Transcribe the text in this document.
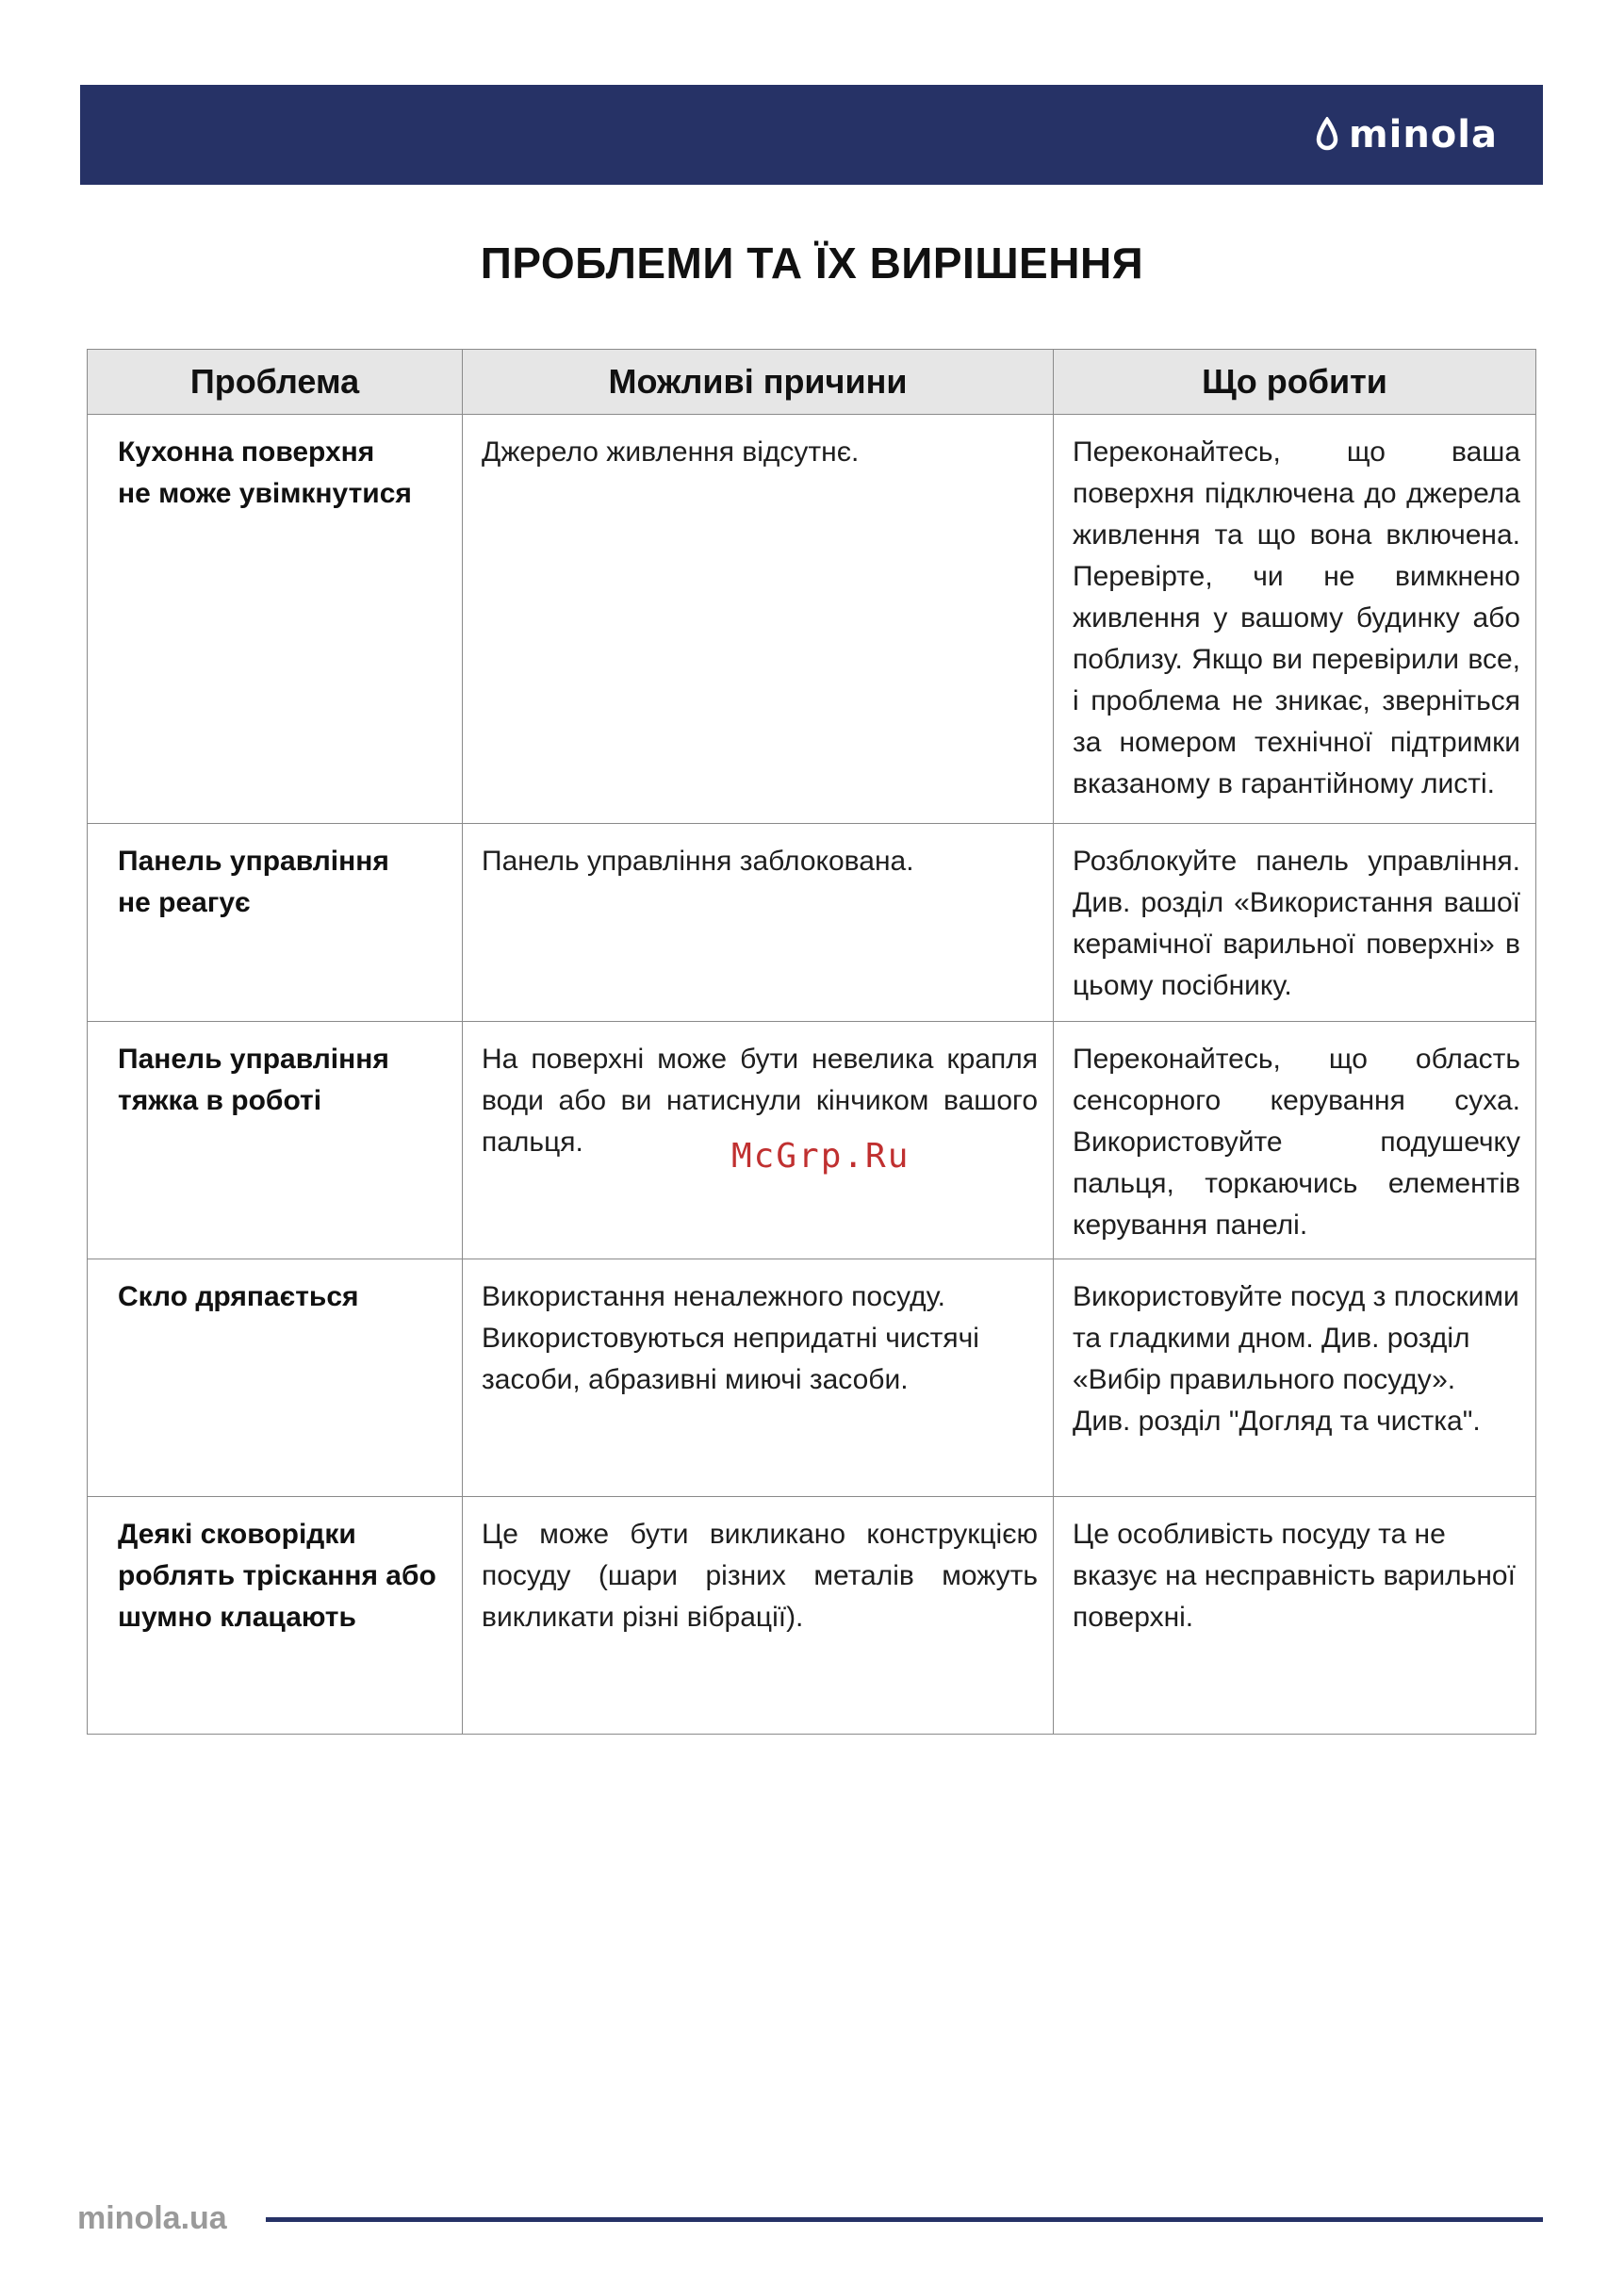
minola
ПРОБЛЕМИ ТА ЇХ ВИРІШЕННЯ
Проблема	Можливі причини	Що робити

Кухонна поверхня
не може увімкнутися	Джерело живлення відсутнє.	Переконайтесь, що ваша поверхня підключена до джерела живлення та що вона включена. Перевірте, чи не вимкнено живлення у вашому будинку або поблизу. Якщо ви перевірили все, і проблема не зникає, зверніться за номером технічної підтримки вказаному в гарантійному листі.

Панель управління
не реагує	Панель управління заблокована.	Розблокуйте панель управління. Див. розділ «Використання вашої керамічної варильної поверхні» в цьому посібнику.

Панель управління
тяжка в роботі	На поверхні може бути невелика крапля води або ви натиснули кінчиком вашого пальця.	Переконайтесь, що область сенсорного керування суха. Використовуйте подушечку пальця, торкаючись елементів керування панелі.

Скло дряпається	Використання неналежного посуду. Використовуються непридатні чистячі засоби, абразивні миючі засоби.	Використовуйте посуд з плоскими та гладкими дном. Див. розділ «Вибір правильного посуду». Див. розділ "Догляд та чистка".

Деякі сковорідки
роблять тріскання або
шумно клацають	Це може бути викликано конструкцією посуду (шари різних металів можуть викликати різні вібрації).	Це особливість посуду та не вказує на несправність варильної поверхні.
McGrp.Ru
minola.ua
